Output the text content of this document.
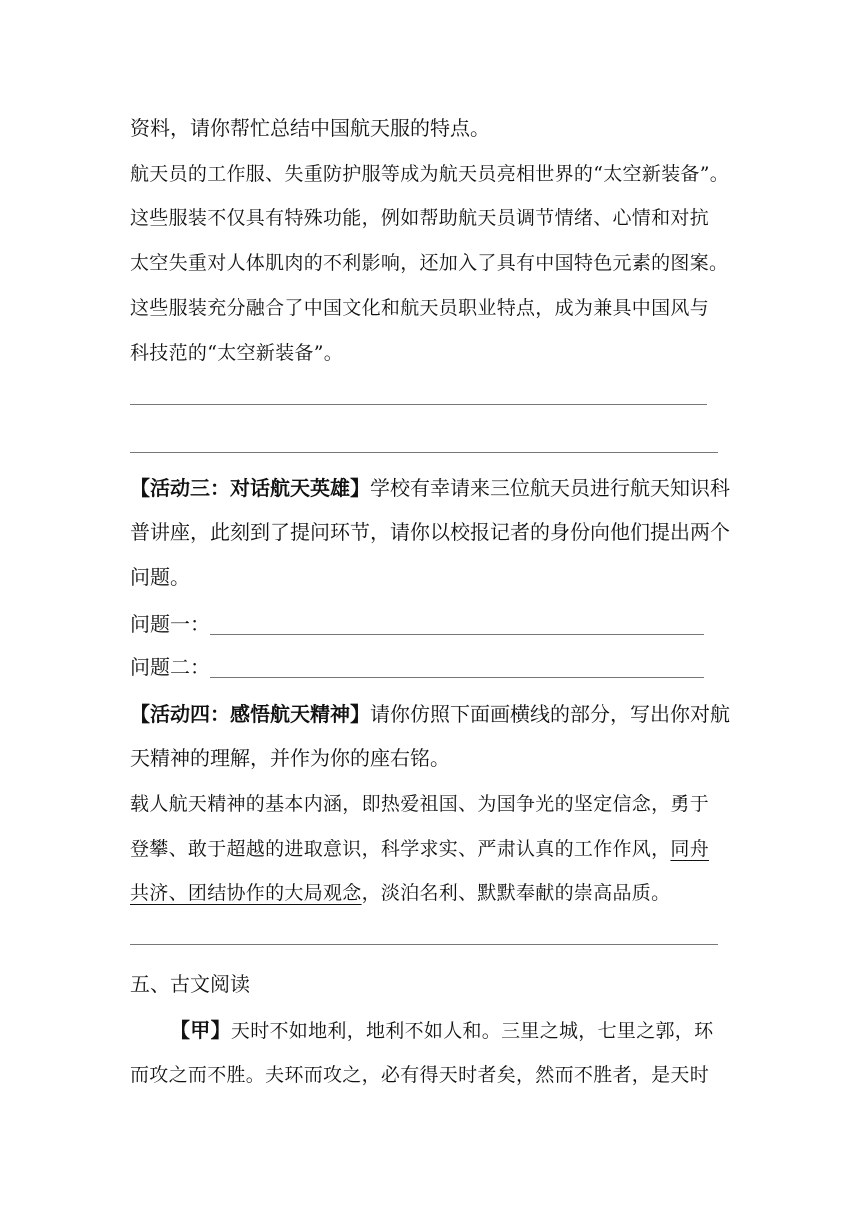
资料，请你帮忙总结中国航天服的特点。
航天员的工作服、失重防护服等成为航天员亮相世界的“太空新装备”。
这些服装不仅具有特殊功能，例如帮助航天员调节情绪、心情和对抗
太空失重对人体肌肉的不利影响，还加入了具有中国特色元素的图案。
这些服装充分融合了中国文化和航天员职业特点，成为兼具中国风与
科技范的“太空新装备”。
【活动三：对话航天英雄】学校有幸请来三位航天员进行航天知识科
普讲座，此刻到了提问环节，请你以校报记者的身份向他们提出两个
问题。
问题一：
问题二：
【活动四：感悟航天精神】请你仿照下面画横线的部分，写出你对航
天精神的理解，并作为你的座右铭。
载人航天精神的基本内涵，即热爱祖国、为国争光的坚定信念，勇于
登攀、敢于超越的进取意识，科学求实、严肃认真的工作作风，同舟
共济、团结协作的大局观念，淡泊名利、默默奉献的崇高品质。
五、古文阅读
【甲】天时不如地利，地利不如人和。三里之城，七里之郭，环
而攻之而不胜。夫环而攻之，必有得天时者矣，然而不胜者，是天时
